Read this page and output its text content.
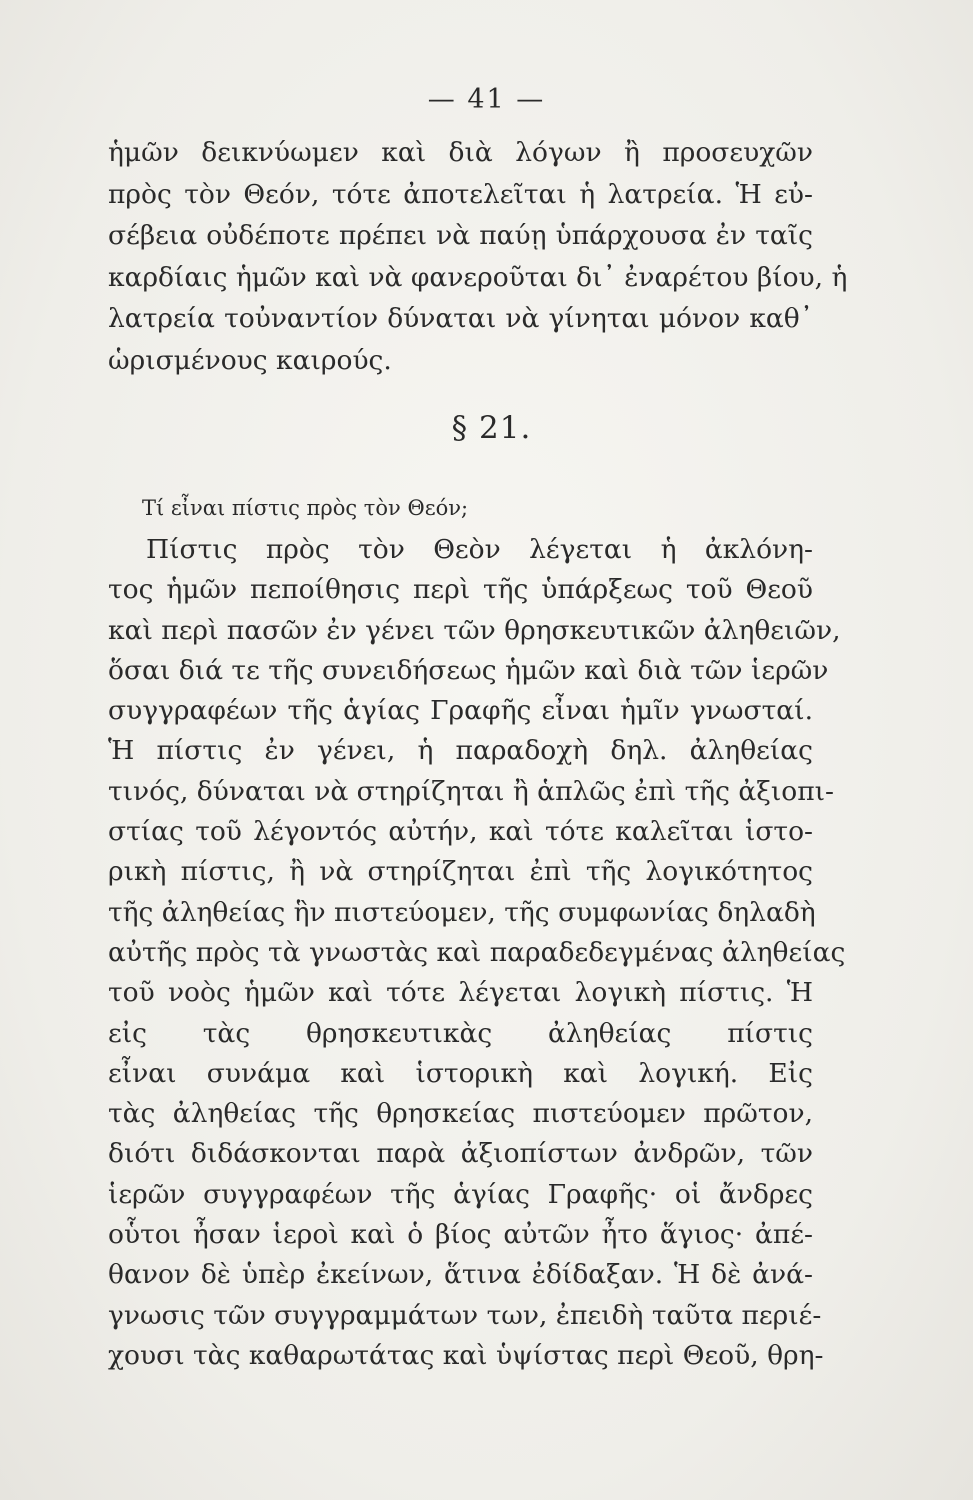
— 41 —
ἡμῶν δεικνύωμεν καὶ διὰ λόγων ἢ προσευχῶν
πρὸς τὸν Θεόν, τότε ἀποτελεῖται ἡ λατρεία. Ἡ εὐ-
σέβεια οὐδέποτε πρέπει νὰ παύῃ ὑπάρχουσα ἐν ταῖς
καρδίαις ἡμῶν καὶ νὰ φανεροῦται δι᾽ ἐναρέτου βίου, ἡ
λατρεία τοὐναντίον δύναται νὰ γίνηται μόνον καθ᾽
ὡρισμένους καιρούς.
§ 21.
Τί εἶναι πίστις πρὸς τὸν Θεόν;
Πίστις πρὸς τὸν Θεὸν λέγεται ἡ ἀκλόνη-
τος ἡμῶν πεποίθησις περὶ τῆς ὑπάρξεως τοῦ Θεοῦ
καὶ περὶ πασῶν ἐν γένει τῶν θρησκευτικῶν ἀληθειῶν,
ὅσαι διά τε τῆς συνειδήσεως ἡμῶν καὶ διὰ τῶν ἱερῶν
συγγραφέων τῆς ἁγίας Γραφῆς εἶναι ἡμῖν γνωσταί.
Ἡ πίστις ἐν γένει, ἡ παραδοχὴ δηλ. ἀληθείας
τινός, δύναται νὰ στηρίζηται ἢ ἁπλῶς ἐπὶ τῆς ἀξιοπι-
στίας τοῦ λέγοντός αὐτήν, καὶ τότε καλεῖται ἱστο-
ρικὴ πίστις, ἢ νὰ στηρίζηται ἐπὶ τῆς λογικότητος
τῆς ἀληθείας ἣν πιστεύομεν, τῆς συμφωνίας δηλαδὴ
αὐτῆς πρὸς τὰ γνωστὰς καὶ παραδεδεγμένας ἀληθείας
τοῦ νοὸς ἡμῶν καὶ τότε λέγεται λογικὴ πίστις. Ἡ
εἰς τὰς θρησκευτικὰς ἀληθείας πίστις
εἶναι συνάμα καὶ ἱστορικὴ καὶ λογική. Εἰς
τὰς ἀληθείας τῆς θρησκείας πιστεύομεν πρῶτον,
διότι διδάσκονται παρὰ ἀξιοπίστων ἀνδρῶν, τῶν
ἱερῶν συγγραφέων τῆς ἁγίας Γραφῆς· οἱ ἄνδρες
οὗτοι ἦσαν ἱεροὶ καὶ ὁ βίος αὐτῶν ἦτο ἅγιος· ἀπέ-
θανον δὲ ὑπὲρ ἐκείνων, ἅτινα ἐδίδαξαν. Ἡ δὲ ἀνά-
γνωσις τῶν συγγραμμάτων των, ἐπειδὴ ταῦτα περιέ-
χουσι τὰς καθαρωτάτας καὶ ὑψίστας περὶ Θεοῦ, θρη-
